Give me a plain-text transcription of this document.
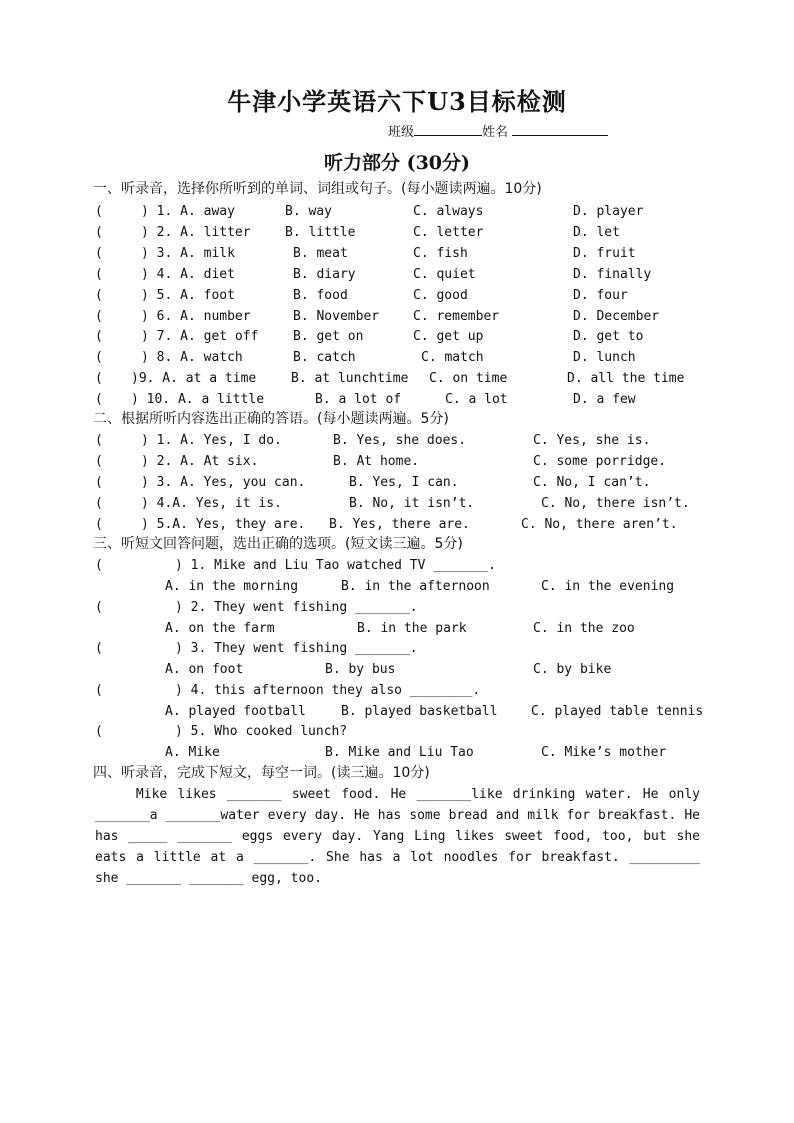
牛津小学英语六下U3目标检测
班级	姓名
听力部分 (30分)
一、听录音，选择你所听到的单词、词组或句子。(每小题读两遍。10分)
(	) 1. A. away	B. way	C. always	D. player
(	) 2. A. litter	B. little	C. letter	D. let
(	) 3. A. milk	B. meat	C. fish	D. fruit
(	) 4. A. diet	B. diary	C. quiet	D. finally
(	) 5. A. foot	B. food	C. good	D. four
(	) 6. A. number	B. November	C. remember	D. December
(	) 7. A. get off	B. get on	C. get up	D. get to
(	) 8. A. watch	B. catch	C. match	D. lunch
( )9. A. at a time	B. at lunchtime C. on time	D. all the time
( ) 10. A. a little	B. a lot of	C. a lot	D. a few
二、根据所听内容选出正确的答语。(每小题读两遍。5分)
(	) 1. A. Yes, I do.	B. Yes, she does.	C. Yes, she is.
(	) 2. A. At six.	B. At home.	C. some porridge.
(	) 3. A. Yes, you can.	B. Yes, I can.	C. No, I can’t.
(	) 4.A. Yes, it is.	B. No, it isn’t.	C. No, there isn’t.
(	) 5.A. Yes, they are. B. Yes, there are.	C. No, there aren’t.
三、听短文回答问题，选出正确的选项。(短文读三遍。5分)
(	) 1. Mike and Liu Tao watched TV _______.
A. in the morning	B. in the afternoon	C. in the evening
(	) 2. They went fishing _______.
A. on the farm	B. in the park	C. in the zoo
(	) 3. They went fishing _______.
A. on foot	B. by bus	C. by bike
(	) 4. this afternoon they also ________.
A. played football	B. played basketball	C. played table tennis
(	) 5. Who cooked lunch?
A. Mike	B. Mike and Liu Tao	C. Mike’s mother
四、听录音，完成下短文，每空一词。(读三遍。10分)
Mike likes _______ sweet food. He _______like drinking water. He only _______a _______water every day. He has some bread and milk for breakfast. He has _____ _______ eggs every day. Yang Ling likes sweet food, too, but she eats a little at a _______. She has a lot noodles for breakfast. _________ she _______ _______ egg, too.
